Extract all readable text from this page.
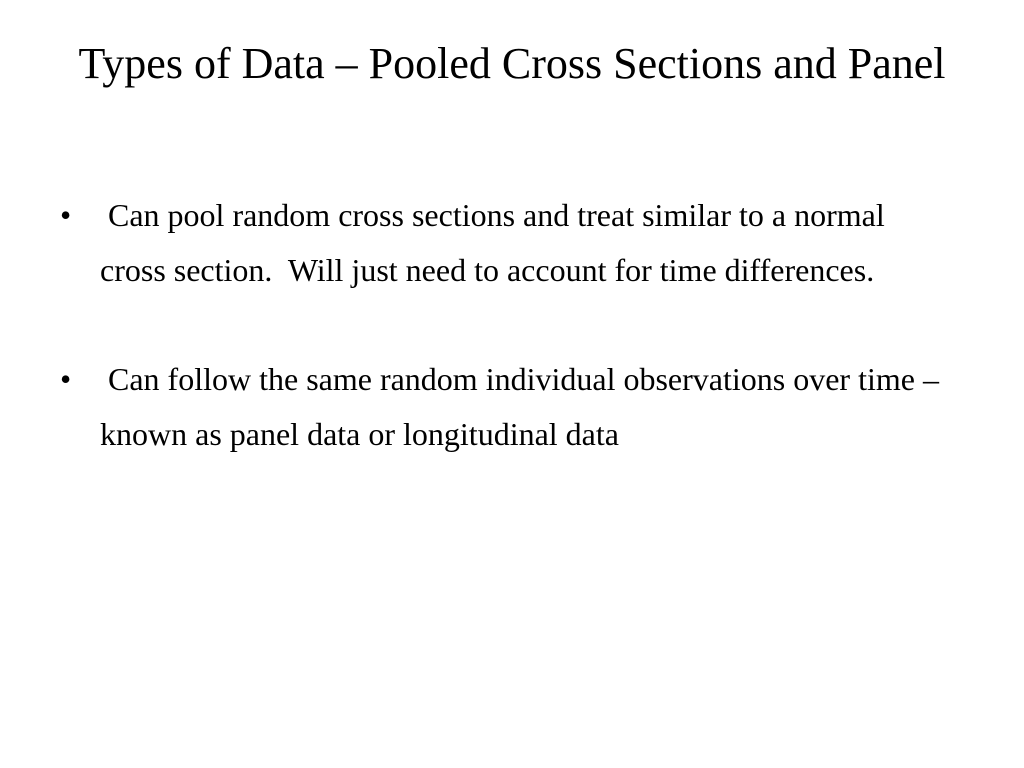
Types of Data – Pooled Cross Sections and Panel
• Can pool random cross sections and treat similar to a normal cross section.  Will just need to account for time differences.
• Can follow the same random individual observations over time – known as panel data or longitudinal data
